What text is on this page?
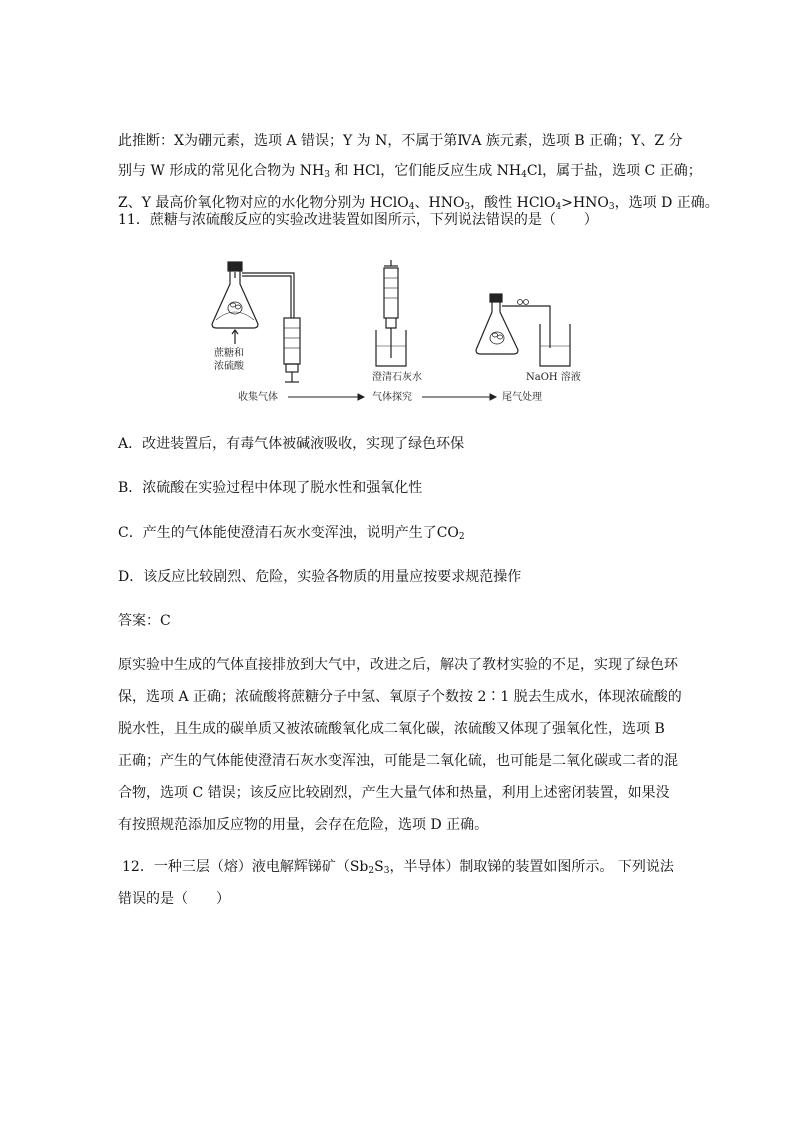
此推断：X为硼元素，选项 A 错误；Y 为 N，不属于第ⅣA 族元素，选项 B 正确；Y、Z 分
别与 W 形成的常见化合物为 $NH_3$ 和 HCl，它们能反应生成 $NH_4Cl$，属于盐，选项 C 正确；
Z、Y 最高价氧化物对应的水化物分别为 HClO$_4$、$HNO_3$，酸性 $HClO_4>HNO_3$，选项 D 正确。
11．蔗糖与浓硫酸反应的实验改进装置如图所示，下列说法错误的是（　　）
蔗糖和
浓硫酸
澄清石灰水	NaOH 溶液
收集气体	气体探究	尾气处理
A．改进装置后，有毒气体被碱液吸收，实现了绿色环保
B．浓硫酸在实验过程中体现了脱水性和强氧化性
C．产生的气体能使澄清石灰水变浑浊，说明产生了$CO_2$
D．该反应比较剧烈、危险，实验各物质的用量应按要求规范操作
答案：C
原实验中生成的气体直接排放到大气中，改进之后，解决了教材实验的不足，实现了绿色环
保，选项 A 正确；浓硫酸将蔗糖分子中氢、氧原子个数按 2∶1 脱去生成水，体现浓硫酸的
脱水性，且生成的碳单质又被浓硫酸氧化成二氧化碳，浓硫酸又体现了强氧化性，选项 B
正确；产生的气体能使澄清石灰水变浑浊，可能是二氧化硫，也可能是二氧化碳或二者的混
合物，选项 C 错误；该反应比较剧烈，产生大量气体和热量，利用上述密闭装置，如果没
有按照规范添加反应物的用量，会存在危险，选项 D 正确。
12．一种三层（熔）液电解辉锑矿（$Sb_2S_3$，半导体）制取锑的装置如图所示。 下列说法
错误的是（　　）
